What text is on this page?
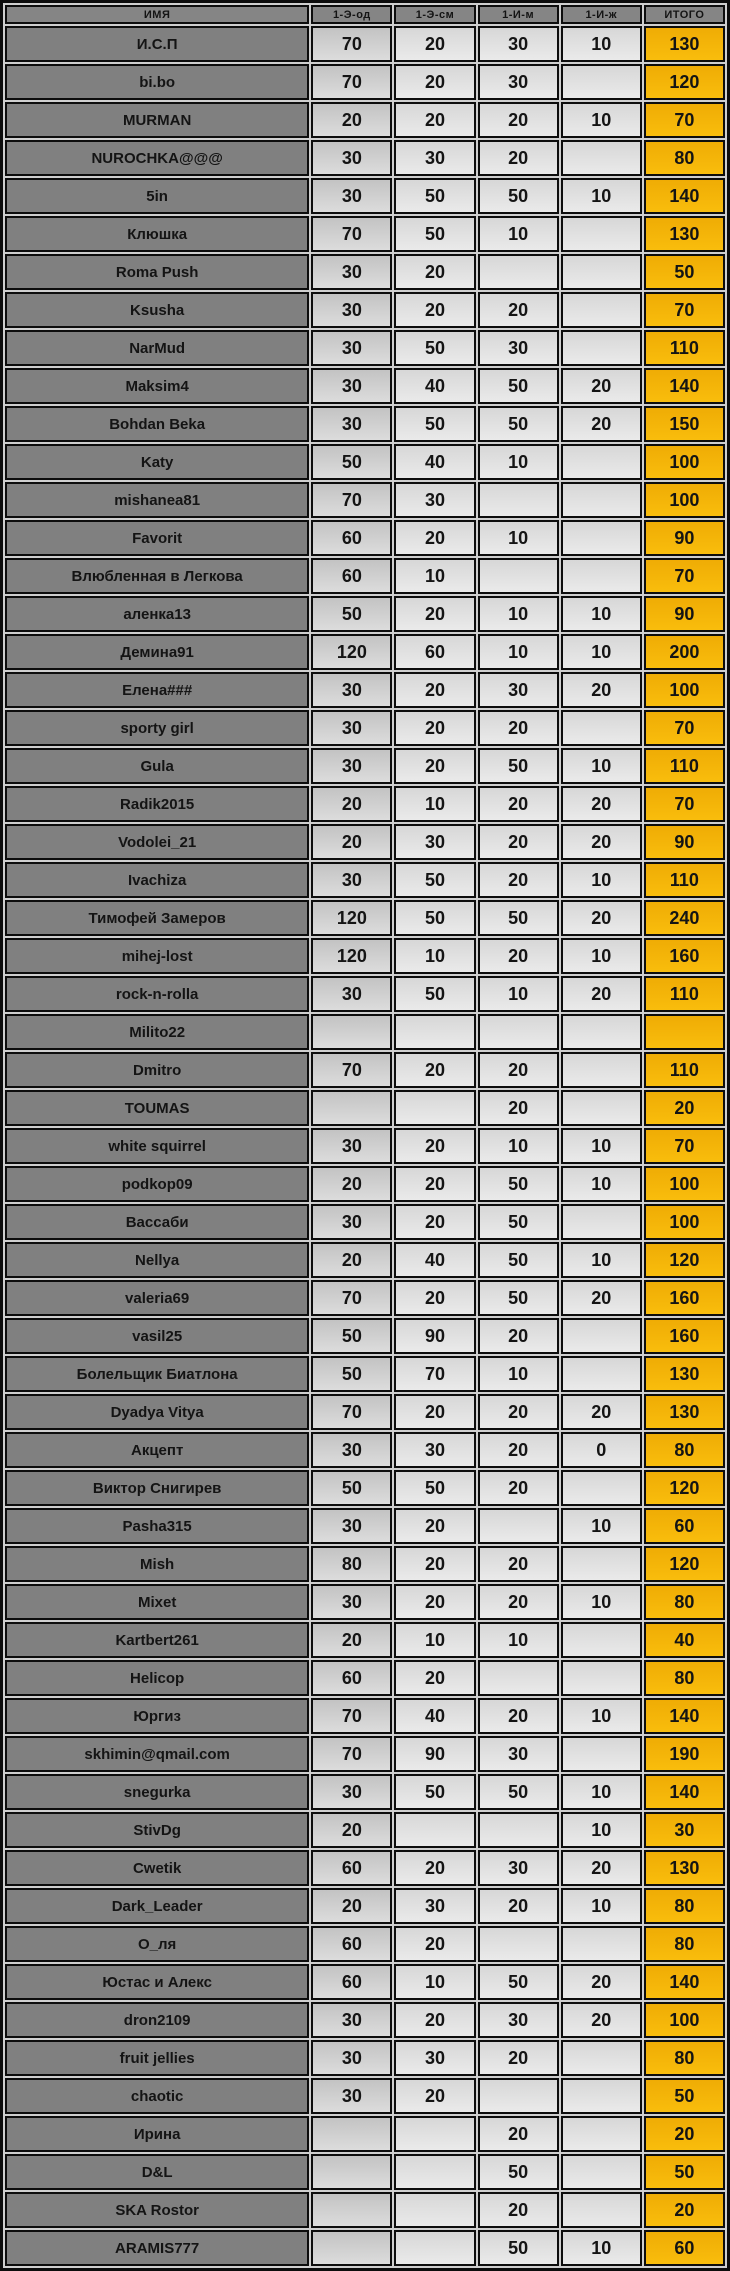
ИМЯ	1-Э-од	1-Э-см	1-И-м	1-И-ж	ИТОГО
И.С.П	70	20	30	10	130
bi.bo	70	20	30		120
MURMAN	20	20	20	10	70
NUROCHKA@@@	30	30	20		80
5in	30	50	50	10	140
Клюшка	70	50	10		130
Roma Push	30	20			50
Ksusha	30	20	20		70
NarMud	30	50	30		110
Maksim4	30	40	50	20	140
Bohdan Beka	30	50	50	20	150
Katy	50	40	10		100
mishanea81	70	30			100
Favorit	60	20	10		90
Влюбленная в Легкова	60	10			70
аленка13	50	20	10	10	90
Демина91	120	60	10	10	200
Елена###	30	20	30	20	100
sporty girl	30	20	20		70
Gula	30	20	50	10	110
Radik2015	20	10	20	20	70
Vodolei_21	20	30	20	20	90
Ivachiza	30	50	20	10	110
Тимофей Замеров	120	50	50	20	240
mihej-lost	120	10	20	10	160
rock-n-rolla	30	50	10	20	110
Milito22					
Dmitro	70	20	20		110
TOUMAS			20		20
white squirrel	30	20	10	10	70
podkop09	20	20	50	10	100
Вассаби	30	20	50		100
Nellya	20	40	50	10	120
valeria69	70	20	50	20	160
vasil25	50	90	20		160
Болельщик Биатлона	50	70	10		130
Dyadya Vitya	70	20	20	20	130
Акцепт	30	30	20	0	80
Виктор Снигирев	50	50	20		120
Pasha315	30	20		10	60
Mish	80	20	20		120
Mixet	30	20	20	10	80
Kartbert261	20	10	10		40
Helicop	60	20			80
Юргиз	70	40	20	10	140
skhimin@qmail.com	70	90	30		190
snegurka	30	50	50	10	140
StivDg	20			10	30
Cwetik	60	20	30	20	130
Dark_Leader	20	30	20	10	80
О_ля	60	20			80
Юстас и Алекс	60	10	50	20	140
dron2109	30	20	30	20	100
fruit jellies	30	30	20		80
chaotic	30	20			50
Ирина			20		20
D&L			50		50
SKA Rostor			20		20
ARAMIS777			50	10	60
